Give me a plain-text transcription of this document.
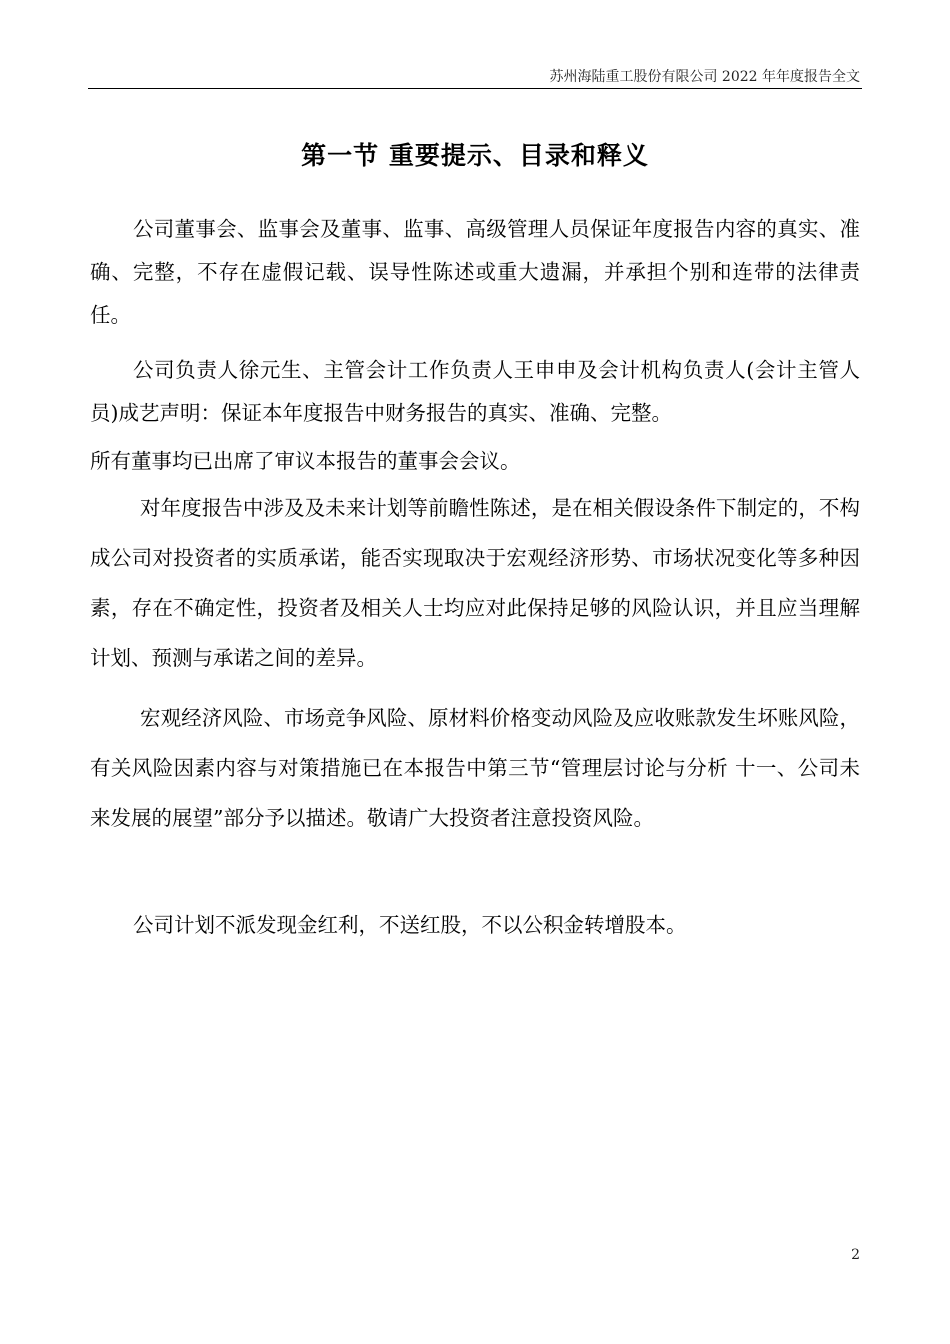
苏州海陆重工股份有限公司 2022 年年度报告全文
第一节 重要提示、目录和释义

公司董事会、监事会及董事、监事、高级管理人员保证年度报告内容的真实、准确、完整，不存在虚假记载、误导性陈述或重大遗漏，并承担个别和连带的法律责任。

公司负责人徐元生、主管会计工作负责人王申申及会计机构负责人(会计主管人员)成艺声明：保证本年度报告中财务报告的真实、准确、完整。

所有董事均已出席了审议本报告的董事会会议。

对年度报告中涉及及未来计划等前瞻性陈述，是在相关假设条件下制定的，不构成公司对投资者的实质承诺，能否实现取决于宏观经济形势、市场状况变化等多种因素，存在不确定性，投资者及相关人士均应对此保持足够的风险认识，并且应当理解计划、预测与承诺之间的差异。

宏观经济风险、市场竞争风险、原材料价格变动风险及应收账款发生坏账风险，有关风险因素内容与对策措施已在本报告中第三节“管理层讨论与分析 十一、公司未来发展的展望”部分予以描述。敬请广大投资者注意投资风险。

公司计划不派发现金红利，不送红股，不以公积金转增股本。

2
